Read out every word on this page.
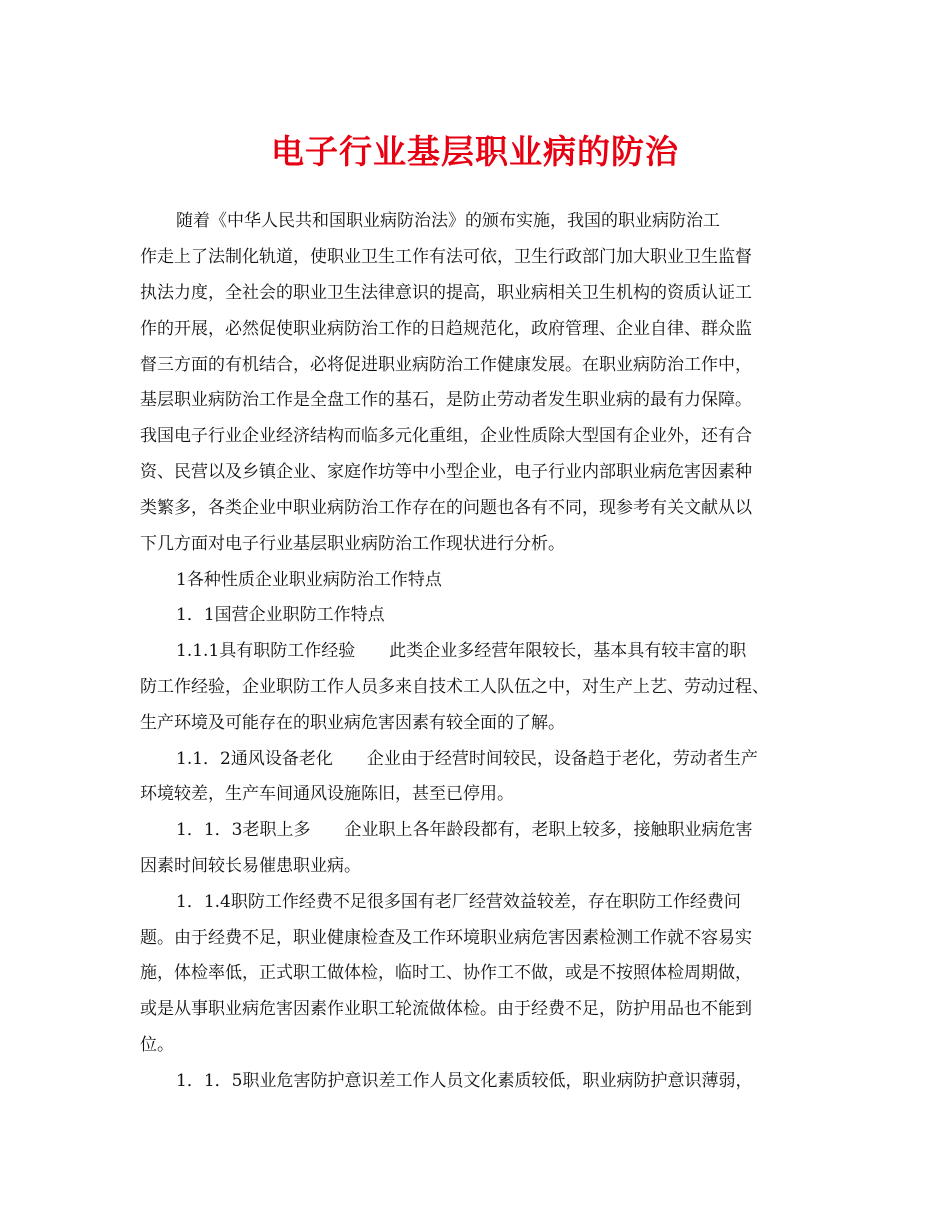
电子行业基层职业病的防治
随着《中华人民共和国职业病防治法》的颁布实施，我国的职业病防治工
作走上了法制化轨道，使职业卫生工作有法可依，卫生行政部门加大职业卫生监督
执法力度，全社会的职业卫生法律意识的提高，职业病相关卫生机构的资质认证工
作的开展，必然促使职业病防治工作的日趋规范化，政府管理、企业自律、群众监
督三方面的有机结合，必将促进职业病防治工作健康发展。在职业病防治工作中，
基层职业病防治工作是全盘工作的基石，是防止劳动者发生职业病的最有力保障。
我国电子行业企业经济结构而临多元化重组，企业性质除大型国有企业外，还有合
资、民营以及乡镇企业、家庭作坊等中小型企业，电子行业内部职业病危害因素种
类繁多，各类企业中职业病防治工作存在的问题也各有不同，现参考有关文献从以
下几方面对电子行业基层职业病防治工作现状进行分析。
1各种性质企业职业病防治工作特点
1．1国营企业职防工作特点
1.1.1具有职防工作经验　　此类企业多经营年限较长，基本具有较丰富的职
防工作经验，企业职防工作人员多来自技术工人队伍之中，对生产上艺、劳动过程、
生产环境及可能存在的职业病危害因素有较全面的了解。
1.1．2通风设备老化　　企业由于经营时间较民，设备趋于老化，劳动者生产
环境较差，生产车间通风设施陈旧，甚至已停用。
1．1．3老职上多　　企业职上各年龄段都有，老职上较多，接触职业病危害
因素时间较长易催患职业病。
1．1.4职防工作经费不足很多国有老厂经营效益较差，存在职防工作经费问
题。由于经费不足，职业健康检查及工作环境职业病危害因素检测工作就不容易实
施，体检率低，正式职工做体检，临时工、协作工不做，或是不按照体检周期做，
或是从事职业病危害因素作业职工轮流做体检。由于经费不足，防护用品也不能到
位。
1．1．5职业危害防护意识差工作人员文化素质较低，职业病防护意识薄弱，
